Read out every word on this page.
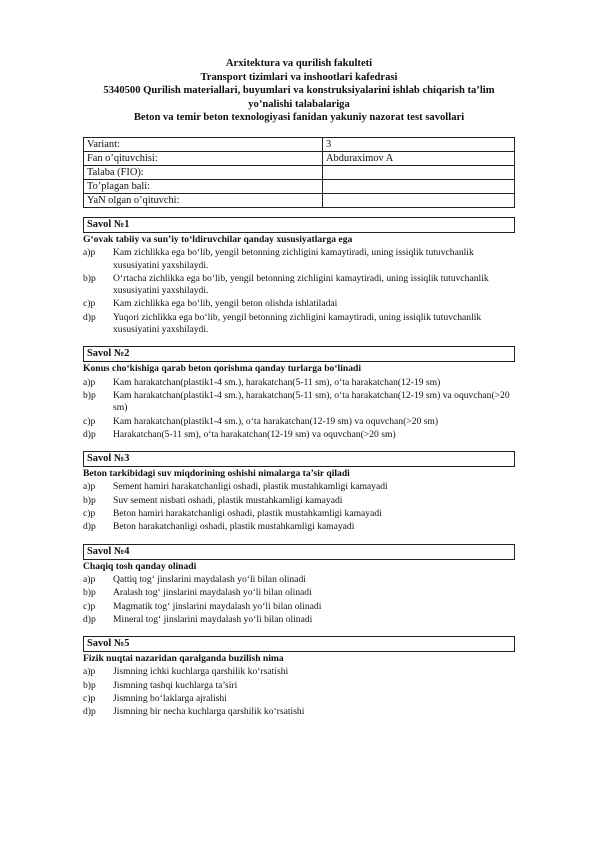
Arxitektura va qurilish fakulteti
Transport tizimlari va inshootlari kafedrasi
5340500 Qurilish materiallari, buyumlari va konstruksiyalarini ishlab chiqarish ta’lim
yo’nalishi talabalariga
Beton va temir beton texnologiyasi fanidan yakuniy nazorat test savollari
Variant:	3
Fan o’qituvchisi:	Abduraximov A
Talaba (FIO):	
To’plagan bali:	
YaN olgan o’qituvchi:	
Savol №1
G‘ovak tabiiy va sun’iy to‘ldiruvchilar qanday xususiyatlarga ega
a)p	Kam zichlikka ega bo‘lib, yengil betonning zichligini kamaytiradi, uning issiqlik tutuvchanlik xususiyatini yaxshilaydi.
b)p	O‘rtacha zichlikka ega bo‘lib, yengil betonning zichligini kamaytiradi, uning issiqlik tutuvchanlik xususiyatini yaxshilaydi.
c)p	Kam zichlikka ega bo‘lib, yengil beton olishda ishlatiladai
d)p	Yuqori zichlikka ega bo‘lib, yengil betonning zichligini kamaytiradi, uning issiqlik tutuvchanlik xususiyatini yaxshilaydi.
Savol №2
Konus cho‘kishiga qarab beton qorishma qanday turlarga bo‘linadi
a)p	Kam harakatchan(plastik1-4 sm.), harakatchan(5-11 sm), o‘ta harakatchan(12-19 sm)
b)p	Kam harakatchan(plastik1-4 sm.), harakatchan(5-11 sm), o‘ta harakatchan(12-19 sm) va oquvchan(>20 sm)
c)p	Kam harakatchan(plastik1-4 sm.), o‘ta harakatchan(12-19 sm) va oquvchan(>20 sm)
d)p	Harakatchan(5-11 sm), o‘ta harakatchan(12-19 sm) va oquvchan(>20 sm)
Savol №3
Beton tarkibidagi suv miqdorining oshishi nimalarga ta’sir qiladi
a)p	Sement hamiri harakatchanligi oshadi, plastik mustahkamligi kamayadi
b)p	Suv sement nisbati oshadi, plastik mustahkamligi kamayadi
c)p	Beton hamiri harakatchanligi oshadi, plastik mustahkamligi kamayadi
d)p	Beton harakatchanligi oshadi, plastik mustahkamligi kamayadi
Savol №4
Chaqiq tosh qanday olinadi
a)p	Qattiq tog‘ jinslarini maydalash yo‘li bilan olinadi
b)p	Aralash tog‘ jinslarini maydalash yo‘li bilan olinadi
c)p	Magmatik tog‘ jinslarini maydalash yo‘li bilan olinadi
d)p	Mineral tog‘ jinslarini maydalash yo‘li bilan olinadi
Savol №5
Fizik nuqtai nazaridan qaralganda buzilish nima
a)p	Jismning ichki kuchlarga qarshilik ko‘rsatishi
b)p	Jismning tashqi kuchlarga ta’siri
c)p	Jismning bo‘laklarga ajralishi
d)p	Jismning bir necha kuchlarga qarshilik ko‘rsatishi
